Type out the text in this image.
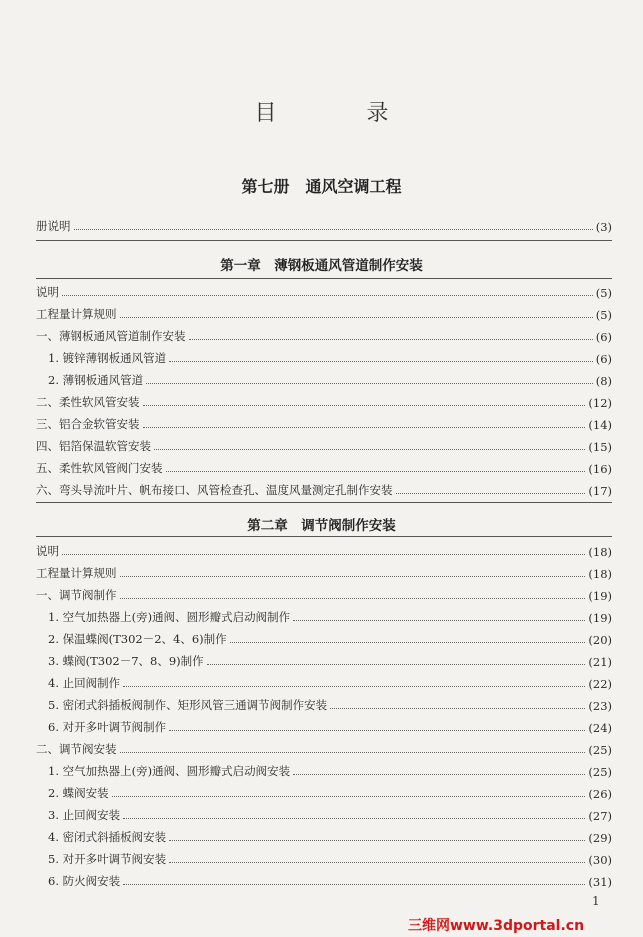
目　录
第七册　通风空调工程
册说明	(3)
第一章　薄钢板通风管道制作安装
说明	(5)
工程量计算规则	(5)
一、薄钢板通风管道制作安装	(6)
1. 镀锌薄钢板通风管道	(6)
2. 薄钢板通风管道	(8)
二、柔性软风管安装	(12)
三、铝合金软管安装	(14)
四、铝箔保温软管安装	(15)
五、柔性软风管阀门安装	(16)
六、弯头导流叶片、帆布接口、风管检查孔、温度风量测定孔制作安装	(17)
第二章　调节阀制作安装
说明	(18)
工程量计算规则	(18)
一、调节阀制作	(19)
1. 空气加热器上(旁)通阀、圆形瓣式启动阀制作	(19)
2. 保温蝶阀(T302－2、4、6)制作	(20)
3. 蝶阀(T302－7、8、9)制作	(21)
4. 止回阀制作	(22)
5. 密闭式斜插板阀制作、矩形风管三通调节阀制作安装	(23)
6. 对开多叶调节阀制作	(24)
二、调节阀安装	(25)
1. 空气加热器上(旁)通阀、圆形瓣式启动阀安装	(25)
2. 蝶阀安装	(26)
3. 止回阀安装	(27)
4. 密闭式斜插板阀安装	(29)
5. 对开多叶调节阀安装	(30)
6. 防火阀安装	(31)
1
三维网www.3dportal.cn
